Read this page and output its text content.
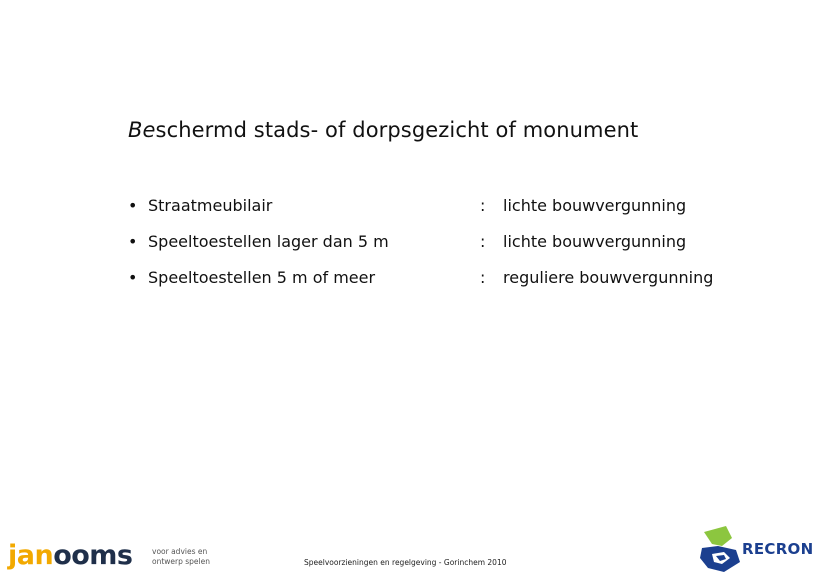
Beschermd stads- of dorpsgezicht of monument
• Straatmeubilair	: lichte bouwvergunning
• Speeltoestellen lager dan 5 m	: lichte bouwvergunning
• Speeltoestellen 5 m of meer	: reguliere bouwvergunning
janooms	voor advies en
ontwerp spelen	Speelvoorzieningen en regelgeving - Gorinchem 2010
RECRON
